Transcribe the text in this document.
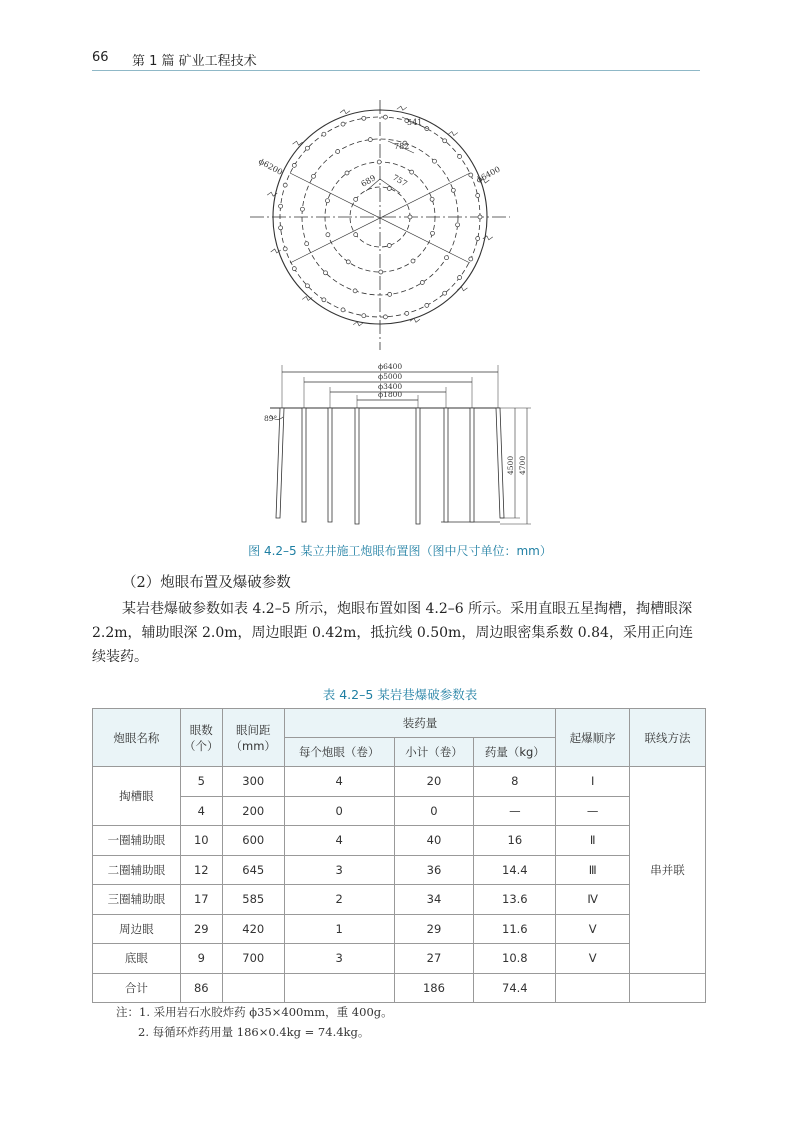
66 第 1 篇 矿业工程技术
ϕ6200	ϕ6400
541
782
689 757
ϕ6400
ϕ5000
ϕ3400
ϕ1800
89°
4500 4700
图 4.2–5 某立井施工炮眼布置图（图中尺寸单位：mm）
（2）炮眼布置及爆破参数
某岩巷爆破参数如表 4.2–5 所示，炮眼布置如图 4.2–6 所示。采用直眼五星掏槽，掏槽眼深 2.2m，辅助眼深 2.0m，周边眼距 0.42m，抵抗线 0.50m，周边眼密集系数 0.84，采用正向连续装药。
表 4.2–5 某岩巷爆破参数表
炮眼名称	眼数（个）	眼间距（mm）	装药量			起爆顺序	联线方法
			每个炮眼（卷）	小计（卷）	药量（kg）		
掏槽眼	5	300	4	20	8	Ⅰ	串并联
	4	200	0	0	—	—	
一圈辅助眼	10	600	4	40	16	Ⅱ	
二圈辅助眼	12	645	3	36	14.4	Ⅲ	
三圈辅助眼	17	585	2	34	13.6	Ⅳ	
周边眼	29	420	1	29	11.6	Ⅴ	
底眼	9	700	3	27	10.8	Ⅴ	
合计	86			186	74.4		
注：1. 采用岩石水胶炸药 ϕ35×400mm，重 400g。
2. 每循环炸药用量 186×0.4kg = 74.4kg。
